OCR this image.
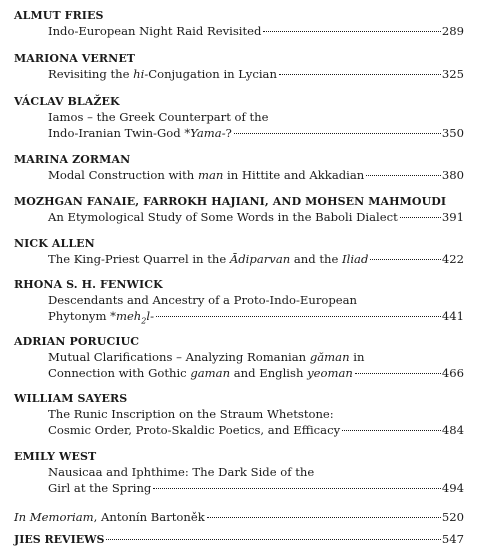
ALMUT FRIES
Indo-European Night Raid Revisited	289
MARIONA VERNET
Revisiting the hi-Conjugation in Lycian	325
VÁCLAV BLAŽEK
Iamos – the Greek Counterpart of the
Indo-Iranian Twin-God *Yama-?	350
MARINA ZORMAN
Modal Construction with man in Hittite and Akkadian	380
MOZHGAN FANAIE, FARROKH HAJIANI, AND MOHSEN MAHMOUDI
An Etymological Study of Some Words in the Baboli Dialect	391
NICK ALLEN
The King-Priest Quarrel in the Ādiparvan and the Iliad	422
RHONA S. H. FENWICK
Descendants and Ancestry of a Proto-Indo-European
Phytonym *meh$_2$l-	441
ADRIAN PORUCIUC
Mutual Clarifications – Analyzing Romanian găman in
Connection with Gothic gaman and English yeoman	466
WILLIAM SAYERS
The Runic Inscription on the Straum Whetstone:
Cosmic Order, Proto-Skaldic Poetics, and Efficacy	484
EMILY WEST
Nausicaa and Iphthime: The Dark Side of the
Girl at the Spring	494
In Memoriam, Antonín Bartoněk	520
JIES REVIEWS	547
